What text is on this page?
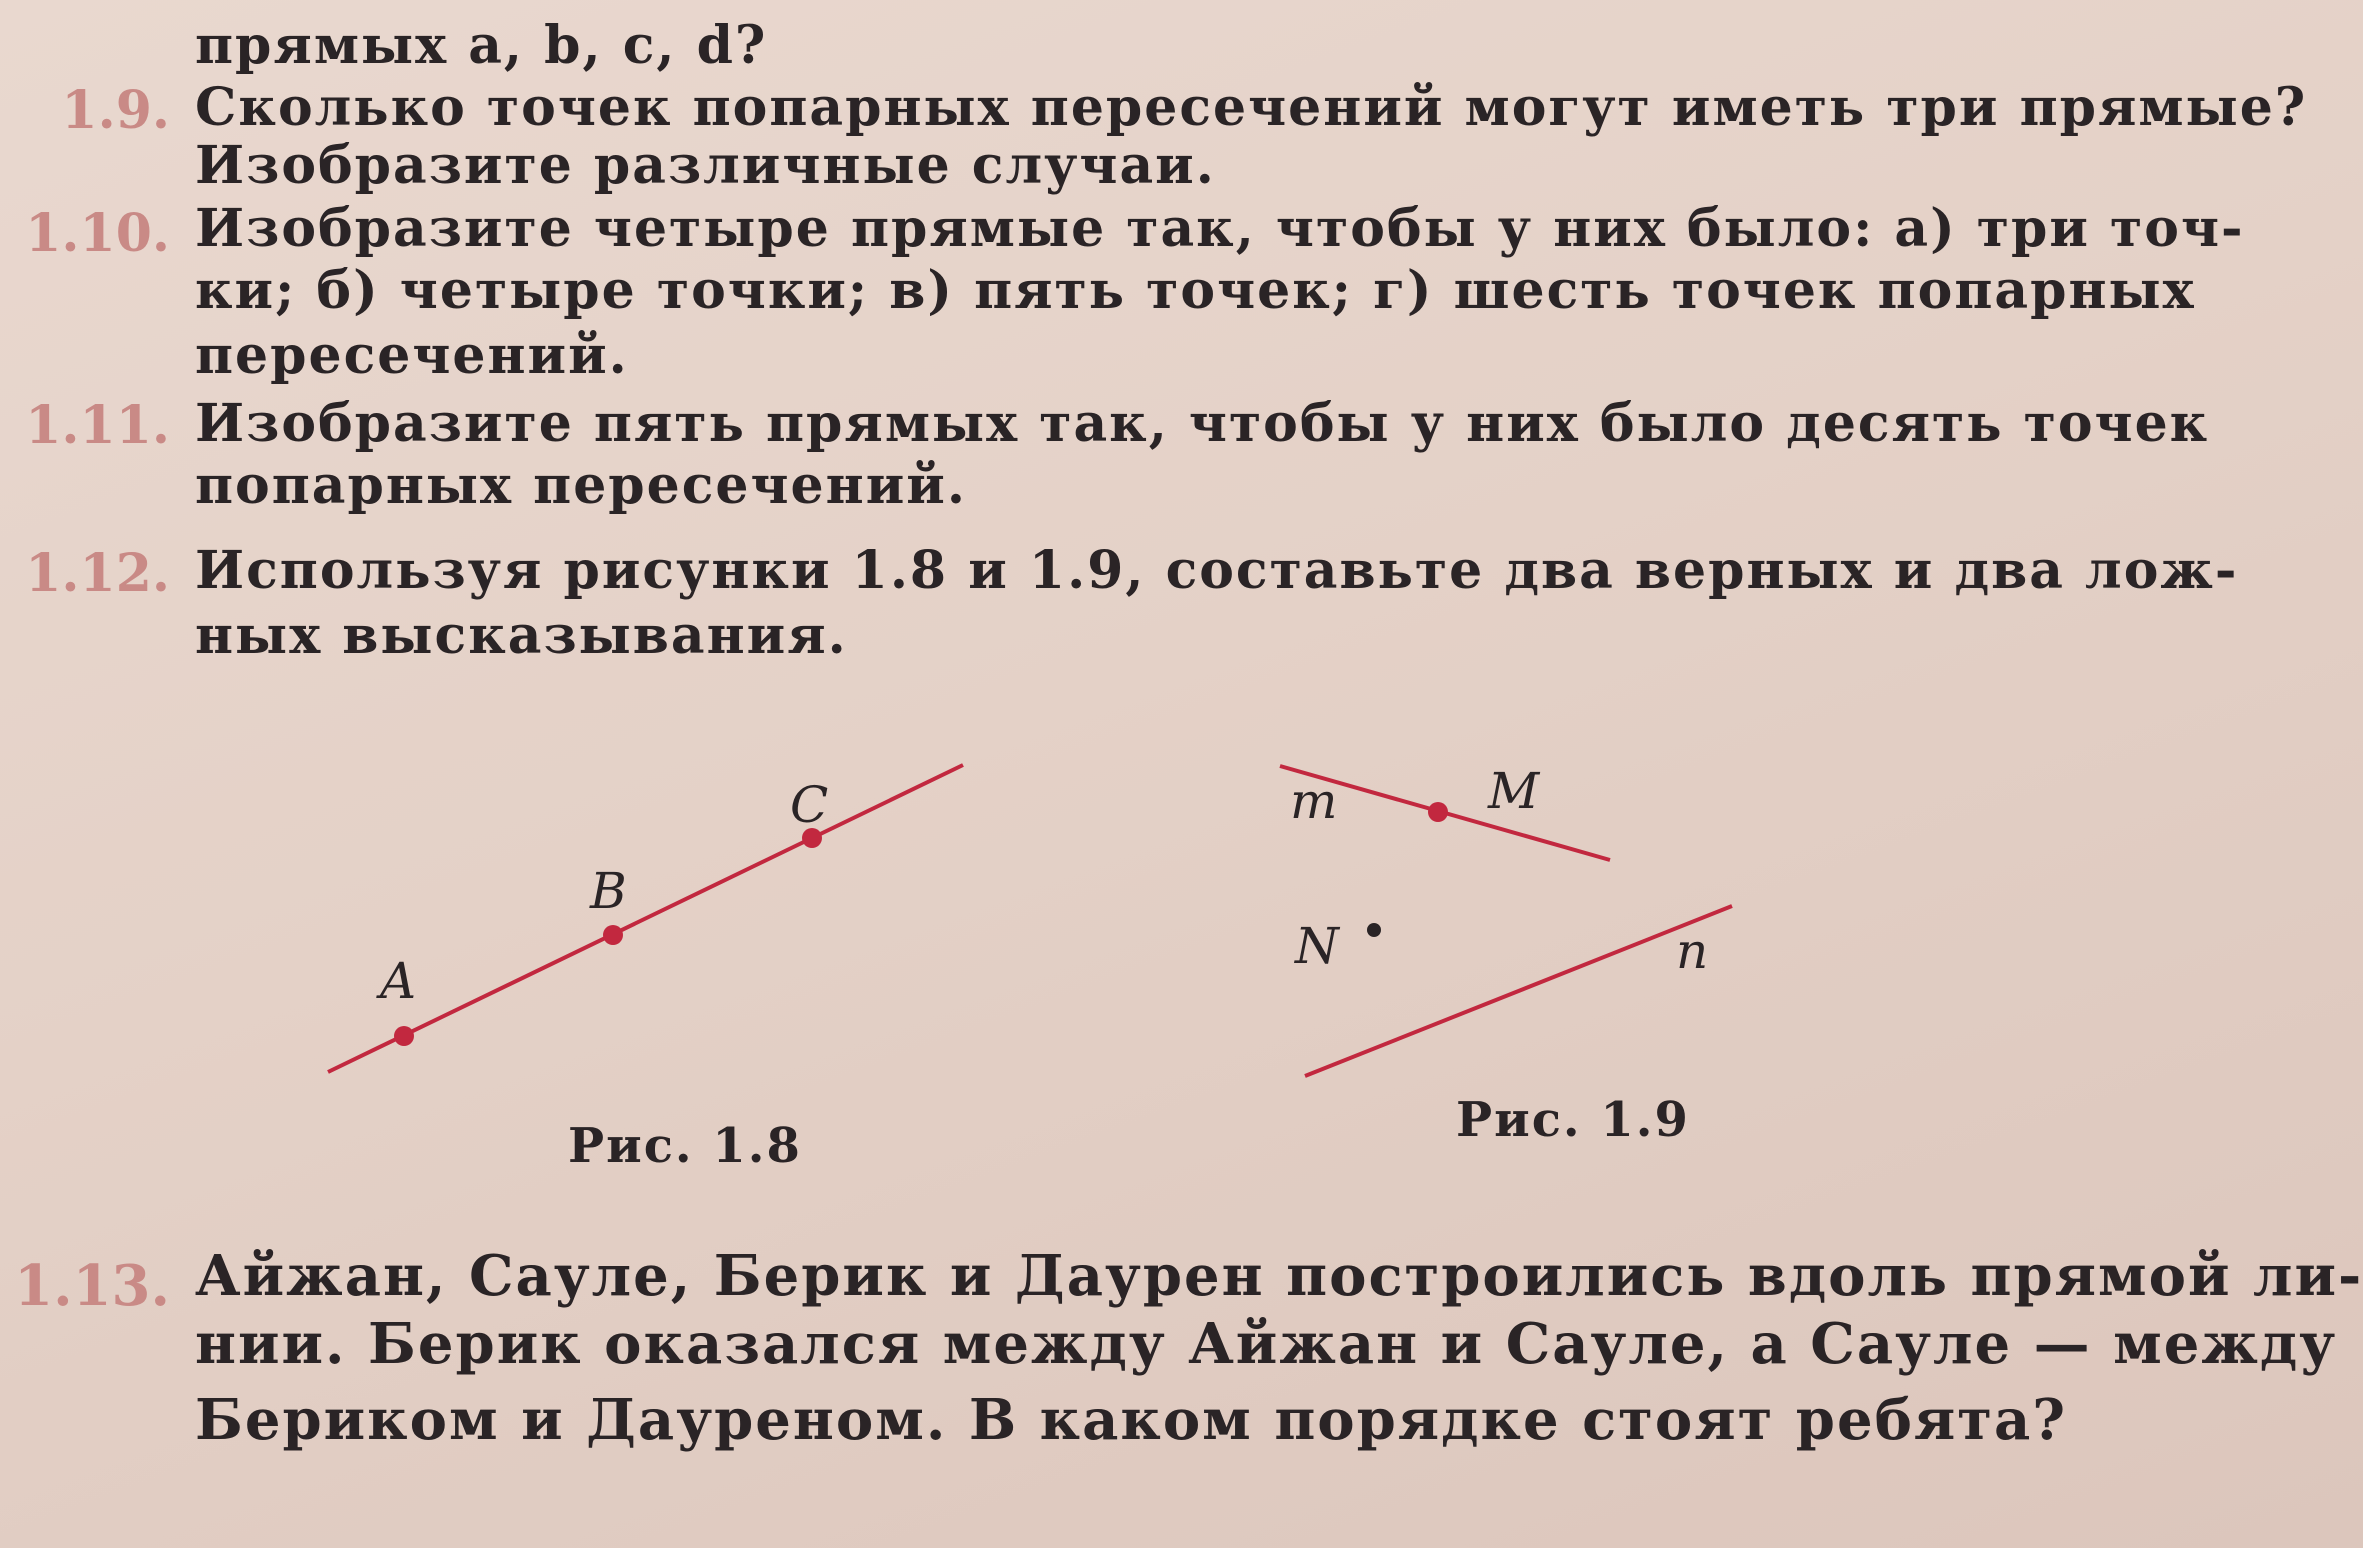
прямых a, b, c, d?
1.9. Сколько точек попарных пересечений могут иметь три прямые?
Изобразите различные случаи.
1.10. Изобразите четыре прямые так, чтобы у них было: а) три точ-
ки; б) четыре точки; в) пять точек; г) шесть точек попарных
пересечений.
1.11. Изобразите пять прямых так, чтобы у них было десять точек
попарных пересечений.
1.12. Используя рисунки 1.8 и 1.9, составьте два верных и два лож-
ных высказывания.
A
B
C	m	M
N	n
Рис. 1.8	Рис. 1.9
1.13. Айжан, Сауле, Берик и Даурен построились вдоль прямой ли-
нии. Берик оказался между Айжан и Сауле, а Сауле — между
Бериком и Дауреном. В каком порядке стоят ребята?
